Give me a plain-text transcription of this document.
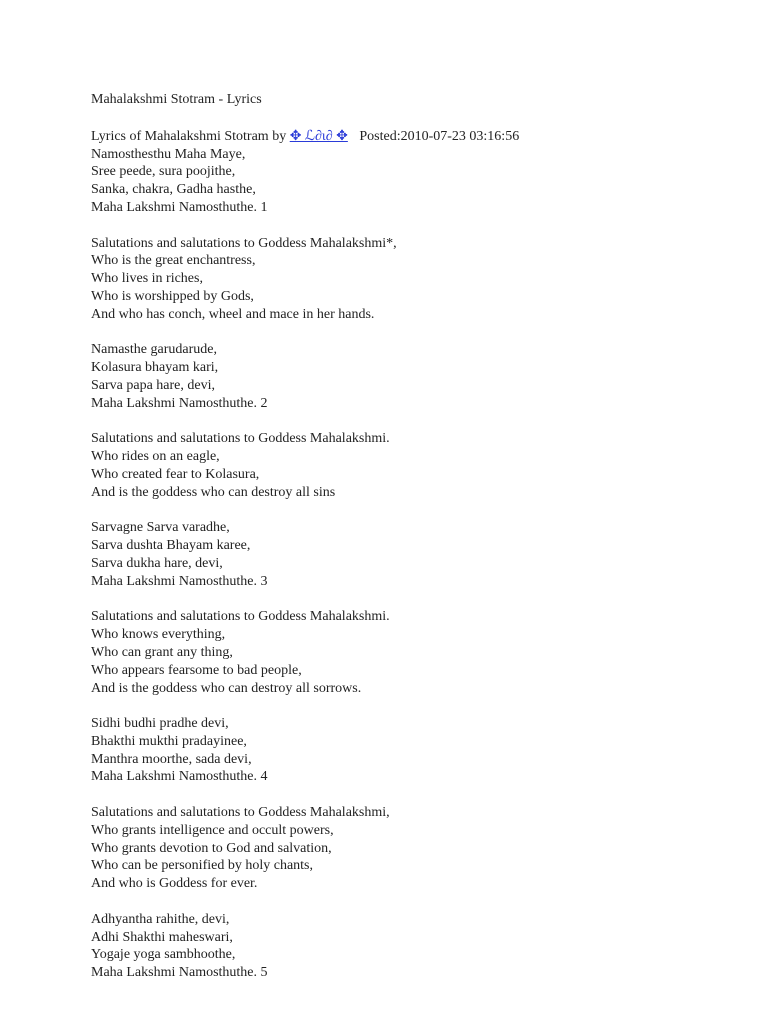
Mahalakshmi Stotram - Lyrics
Lyrics of Mahalakshmi Stotram by ✥ ℒ∂ι∂ ✥ Posted:2010-07-23 03:16:56
Namosthesthu Maha Maye,
Sree peede, sura poojithe,
Sanka, chakra, Gadha hasthe,
Maha Lakshmi Namosthuthe. 1
Salutations and salutations to Goddess Mahalakshmi*,
Who is the great enchantress,
Who lives in riches,
Who is worshipped by Gods,
And who has conch, wheel and mace in her hands.
Namasthe garudarude,
Kolasura bhayam kari,
Sarva papa hare, devi,
Maha Lakshmi Namosthuthe. 2
Salutations and salutations to Goddess Mahalakshmi.
Who rides on an eagle,
Who created fear to Kolasura,
And is the goddess who can destroy all sins
Sarvagne Sarva varadhe,
Sarva dushta Bhayam karee,
Sarva dukha hare, devi,
Maha Lakshmi Namosthuthe. 3
Salutations and salutations to Goddess Mahalakshmi.
Who knows everything,
Who can grant any thing,
Who appears fearsome to bad people,
And is the goddess who can destroy all sorrows.
Sidhi budhi pradhe devi,
Bhakthi mukthi pradayinee,
Manthra moorthe, sada devi,
Maha Lakshmi Namosthuthe. 4
Salutations and salutations to Goddess Mahalakshmi,
Who grants intelligence and occult powers,
Who grants devotion to God and salvation,
Who can be personified by holy chants,
And who is Goddess for ever.
Adhyantha rahithe, devi,
Adhi Shakthi maheswari,
Yogaje yoga sambhoothe,
Maha Lakshmi Namosthuthe. 5
